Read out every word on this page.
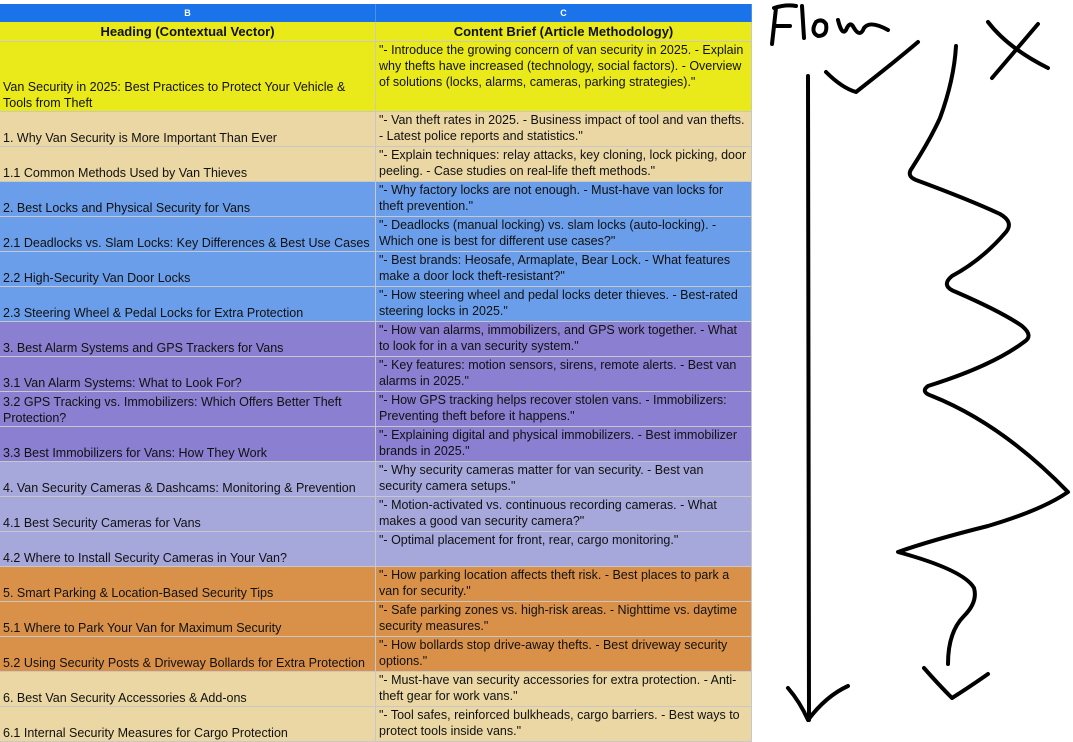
B	C
Heading (Contextual Vector)	Content Brief (Article Methodology)
Van Security in 2025: Best Practices to Protect Your Vehicle & Tools from Theft
"- Introduce the growing concern of van security in 2025. - Explain why thefts have increased (technology, social factors). - Overview of solutions (locks, alarms, cameras, parking strategies)."
1. Why Van Security is More Important Than Ever
"- Van theft rates in 2025. - Business impact of tool and van thefts. - Latest police reports and statistics."
1.1 Common Methods Used by Van Thieves
"- Explain techniques: relay attacks, key cloning, lock picking, door peeling. - Case studies on real-life theft methods."
2. Best Locks and Physical Security for Vans
"- Why factory locks are not enough. - Must-have van locks for theft prevention."
2.1 Deadlocks vs. Slam Locks: Key Differences & Best Use Cases
"- Deadlocks (manual locking) vs. slam locks (auto-locking). - Which one is best for different use cases?"
2.2 High-Security Van Door Locks
"- Best brands: Heosafe, Armaplate, Bear Lock. - What features make a door lock theft-resistant?"
2.3 Steering Wheel & Pedal Locks for Extra Protection
"- How steering wheel and pedal locks deter thieves. - Best-rated steering locks in 2025."
3. Best Alarm Systems and GPS Trackers for Vans
"- How van alarms, immobilizers, and GPS work together. - What to look for in a van security system."
3.1 Van Alarm Systems: What to Look For?
"- Key features: motion sensors, sirens, remote alerts. - Best van alarms in 2025."
3.2 GPS Tracking vs. Immobilizers: Which Offers Better Theft Protection?
"- How GPS tracking helps recover stolen vans. - Immobilizers: Preventing theft before it happens."
3.3 Best Immobilizers for Vans: How They Work
"- Explaining digital and physical immobilizers. - Best immobilizer brands in 2025."
4. Van Security Cameras & Dashcams: Monitoring & Prevention
"- Why security cameras matter for van security. - Best van security camera setups."
4.1 Best Security Cameras for Vans
"- Motion-activated vs. continuous recording cameras. - What makes a good van security camera?"
4.2 Where to Install Security Cameras in Your Van?
"- Optimal placement for front, rear, cargo monitoring."
5. Smart Parking & Location-Based Security Tips
"- How parking location affects theft risk. - Best places to park a van for security."
5.1 Where to Park Your Van for Maximum Security
"- Safe parking zones vs. high-risk areas. - Nighttime vs. daytime security measures."
5.2 Using Security Posts & Driveway Bollards for Extra Protection
"- How bollards stop drive-away thefts. - Best driveway security options."
6. Best Van Security Accessories & Add-ons
"- Must-have van security accessories for extra protection. - Anti-theft gear for work vans."
6.1 Internal Security Measures for Cargo Protection
"- Tool safes, reinforced bulkheads, cargo barriers. - Best ways to protect tools inside vans."
